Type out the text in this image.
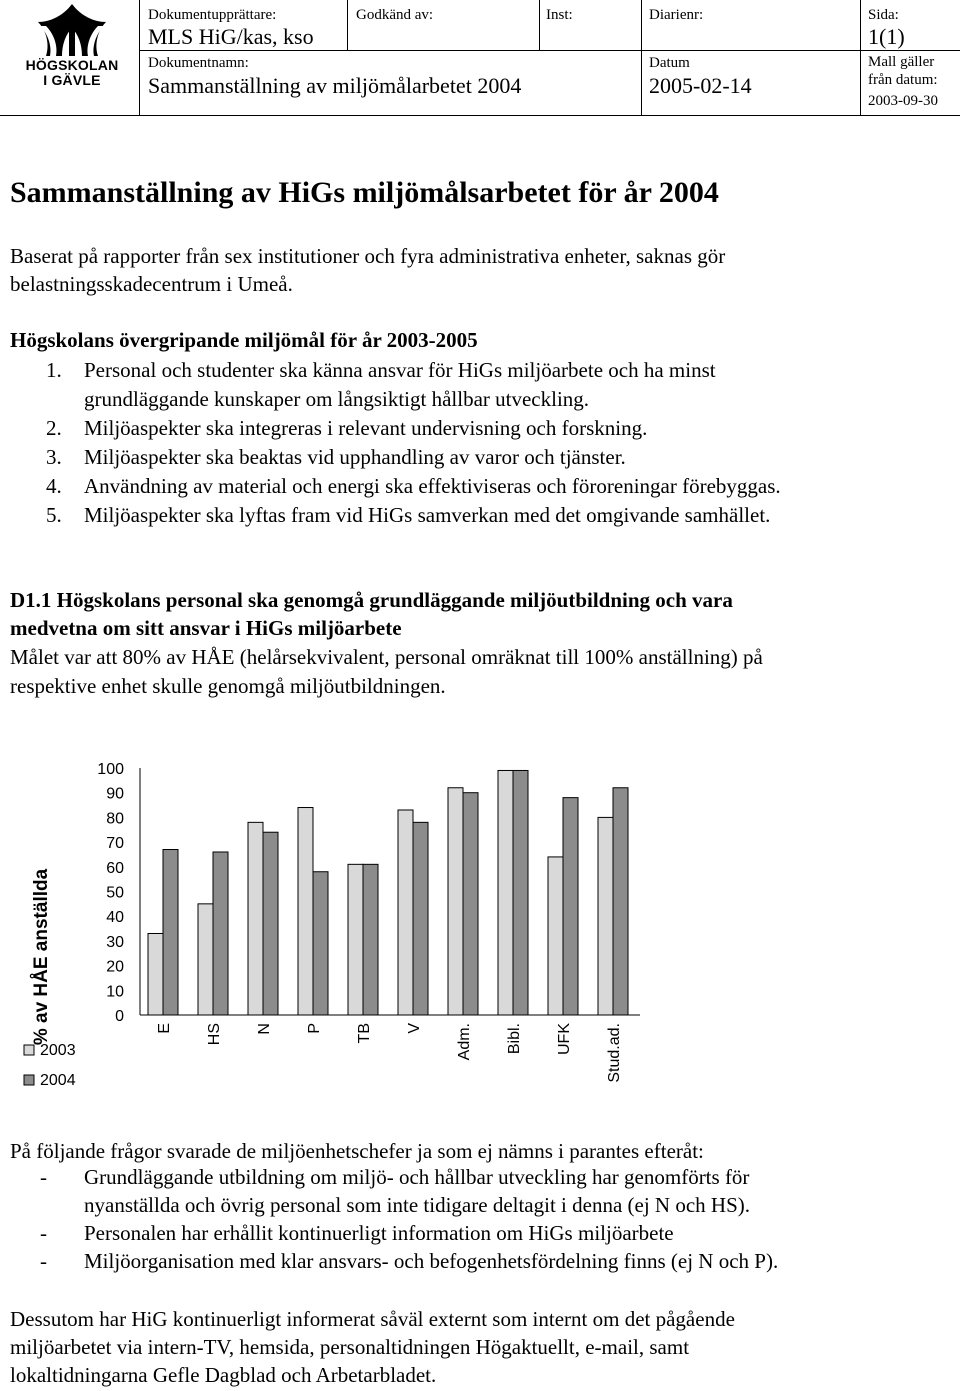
HÖGSKOLAN
I GÄVLE
Dokumentupprättare:
MLS HiG/kas, kso
Godkänd av:	Inst:	Diarienr:	Sida:
1(1)
Dokumentnamn:
Sammanställning av miljömålarbetet 2004
Datum
2005-02-14
Mall gäller
från datum:
2003-09-30
Sammanställning av HiGs miljömålsarbetet för år 2004
Baserat på rapporter från sex institutioner och fyra administrativa enheter, saknas gör
belastningsskadecentrum i Umeå.
Högskolans övergripande miljömål för år 2003-2005
1. Personal och studenter ska känna ansvar för HiGs miljöarbete och ha minst
grundläggande kunskaper om långsiktigt hållbar utveckling.
2. Miljöaspekter ska integreras i relevant undervisning och forskning.
3. Miljöaspekter ska beaktas vid upphandling av varor och tjänster.
4. Användning av material och energi ska effektiviseras och föroreningar förebyggas.
5. Miljöaspekter ska lyftas fram vid HiGs samverkan med det omgivande samhället.
D1.1 Högskolans personal ska genomgå grundläggande miljöutbildning och vara
medvetna om sitt ansvar i HiGs miljöarbete
Målet var att 80% av HÅE (helårsekvivalent, personal omräknat till 100% anställning) på
respektive enhet skulle genomgå miljöutbildningen.
% av HÅE anställda	0
10
20
30
40
50
60
70
80
90
100
E HS N P TB V Adm. Bibl. UFK Stud.ad.
2003
2004
På följande frågor svarade de miljöenhetschefer ja som ej nämns i parantes efteråt:
- Grundläggande utbildning om miljö- och hållbar utveckling har genomförts för
nyanställda och övrig personal som inte tidigare deltagit i denna (ej N och HS).
- Personalen har erhållit kontinuerligt information om HiGs miljöarbete
- Miljöorganisation med klar ansvars- och befogenhetsfördelning finns (ej N och P).
Dessutom har HiG kontinuerligt informerat såväl externt som internt om det pågående
miljöarbetet via intern-TV, hemsida, personaltidningen Högaktuellt, e-mail, samt
lokaltidningarna Gefle Dagblad och Arbetarbladet.
